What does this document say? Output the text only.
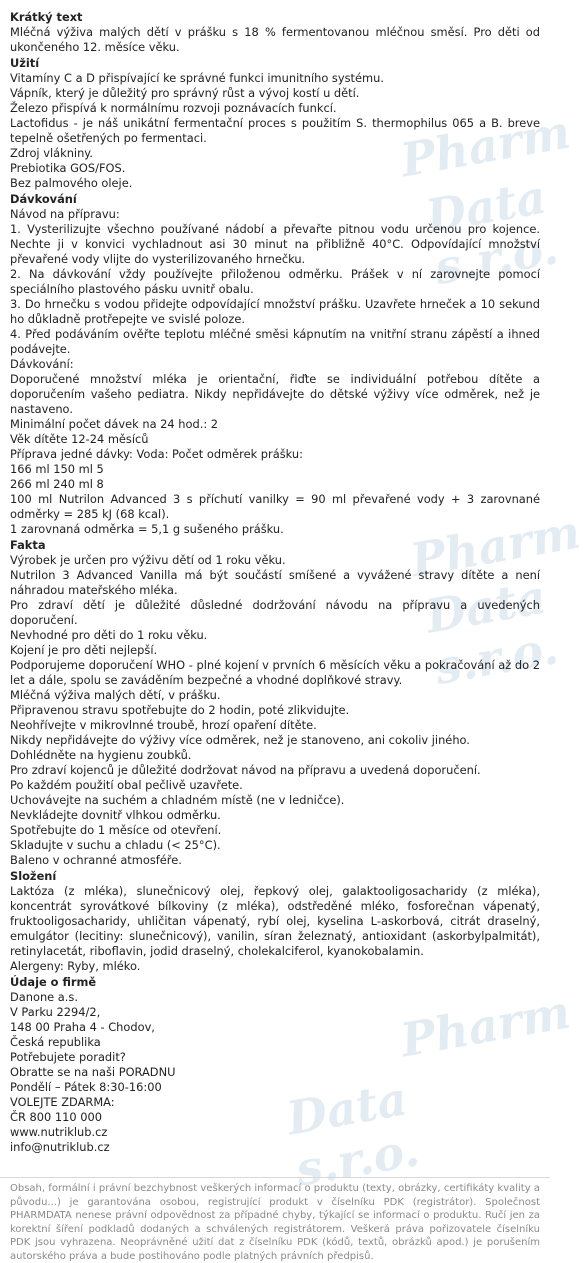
Pharm
Data s.r.o.
Pharm
Data s.r.o.
Pharm
Data s.r.o.
Krátký text
Mléčná výživa malých dětí v prášku s 18 % fermentovanou mléčnou směsí. Pro děti od ukončeného 12. měsíce věku.
Užití
Vitamíny C a D přispívající ke správné funkci imunitního systému.
Vápník, který je důležitý pro správný růst a vývoj kostí u dětí.
Železo přispívá k normálnímu rozvoji poznávacích funkcí.
Lactofidus - je náš unikátní fermentační proces s použitím S. thermophilus 065 a B. breve tepelně ošetřených po fermentaci.
Zdroj vlákniny.
Prebiotika GOS/FOS.
Bez palmového oleje.
Dávkování
Návod na přípravu:
1. Vysterilizujte všechno používané nádobí a převařte pitnou vodu určenou pro kojence. Nechte ji v konvici vychladnout asi 30 minut na přibližně 40°C. Odpovídající množství převařené vody vlijte do vysterilizovaného hrnečku.
2. Na dávkování vždy používejte přiloženou odměrku. Prášek v ní zarovnejte pomocí speciálního plastového pásku uvnitř obalu.
3. Do hrnečku s vodou přidejte odpovídající množství prášku. Uzavřete hrneček a 10 sekund ho důkladně protřepejte ve svislé poloze.
4. Před podáváním ověřte teplotu mléčné směsi kápnutím na vnitřní stranu zápěstí a ihned podávejte.
Dávkování:
Doporučené množství mléka je orientační, řiďte se individuální potřebou dítěte a doporučením vašeho pediatra. Nikdy nepřidávejte do dětské výživy více odměrek, než je nastaveno.
Minimální počet dávek na 24 hod.: 2
Věk dítěte 12-24 měsíců
Příprava jedné dávky: Voda: Počet odměrek prášku:
166 ml 150 ml 5
266 ml 240 ml 8
100 ml Nutrilon Advanced 3 s příchutí vanilky = 90 ml převařené vody + 3 zarovnané odměrky = 285 kJ (68 kcal).
1 zarovnaná odměrka = 5,1 g sušeného prášku.
Fakta
Výrobek je určen pro výživu dětí od 1 roku věku.
Nutrilon 3 Advanced Vanilla má být součástí smíšené a vyvážené stravy dítěte a není náhradou mateřského mléka.
Pro zdraví dětí je důležité důsledné dodržování návodu na přípravu a uvedených doporučení.
Nevhodné pro děti do 1 roku věku.
Kojení je pro děti nejlepší.
Podporujeme doporučení WHO - plné kojení v prvních 6 měsících věku a pokračování až do 2 let a dále, spolu se zaváděním bezpečné a vhodné doplňkové stravy.
Mléčná výživa malých dětí, v prášku.
Připravenou stravu spotřebujte do 2 hodin, poté zlikvidujte.
Neohřívejte v mikrovlnné troubě, hrozí opaření dítěte.
Nikdy nepřidávejte do výživy více odměrek, než je stanoveno, ani cokoliv jiného.
Dohlédněte na hygienu zoubků.
Pro zdraví kojenců je důležité dodržovat návod na přípravu a uvedená doporučení.
Po každém použití obal pečlivě uzavřete.
Uchovávejte na suchém a chladném místě (ne v ledničce).
Nevkládejte dovnitř vlhkou odměrku.
Spotřebujte do 1 měsíce od otevření.
Skladujte v suchu a chladu (< 25°C).
Baleno v ochranné atmosféře.
Složení
Laktóza (z mléka), slunečnicový olej, řepkový olej, galaktooligosacharidy (z mléka), koncentrát syrovátkové bílkoviny (z mléka), odstředěné mléko, fosforečnan vápenatý, fruktooligosacharidy, uhličitan vápenatý, rybí olej, kyselina L-askorbová, citrát draselný, emulgátor (lecitiny: slunečnicový), vanilin, síran železnatý, antioxidant (askorbylpalmitát), retinylacetát, riboflavin, jodid draselný, cholekalciferol, kyanokobalamin.
Alergeny: Ryby, mléko.
Údaje o firmě
Danone a.s.
V Parku 2294/2,
148 00 Praha 4 - Chodov,
Česká republika
Potřebujete poradit?
Obratte se na naši PORADNU
Pondělí – Pátek 8:30-16:00
VOLEJTE ZDARMA:
ČR 800 110 000
www.nutriklub.cz
info@nutriklub.cz
Obsah, formální i právní bezchybnost veškerých informací o produktu (texty, obrázky, certifikáty kvality a původu...) je garantována osobou, registrující produkt v číselníku PDK (registrátor). Společnost PHARMDATA nenese právní odpovědnost za případné chyby, týkající se informací o produktu. Ručí jen za korektní šíření podkladů dodaných a schválených registrátorem. Veškerá práva pořizovatele číselníku PDK jsou vyhrazena. Neoprávněné užití dat z číselníku PDK (kódů, textů, obrázků apod.) je porušením autorského práva a bude postihováno podle platných právních předpisů.
